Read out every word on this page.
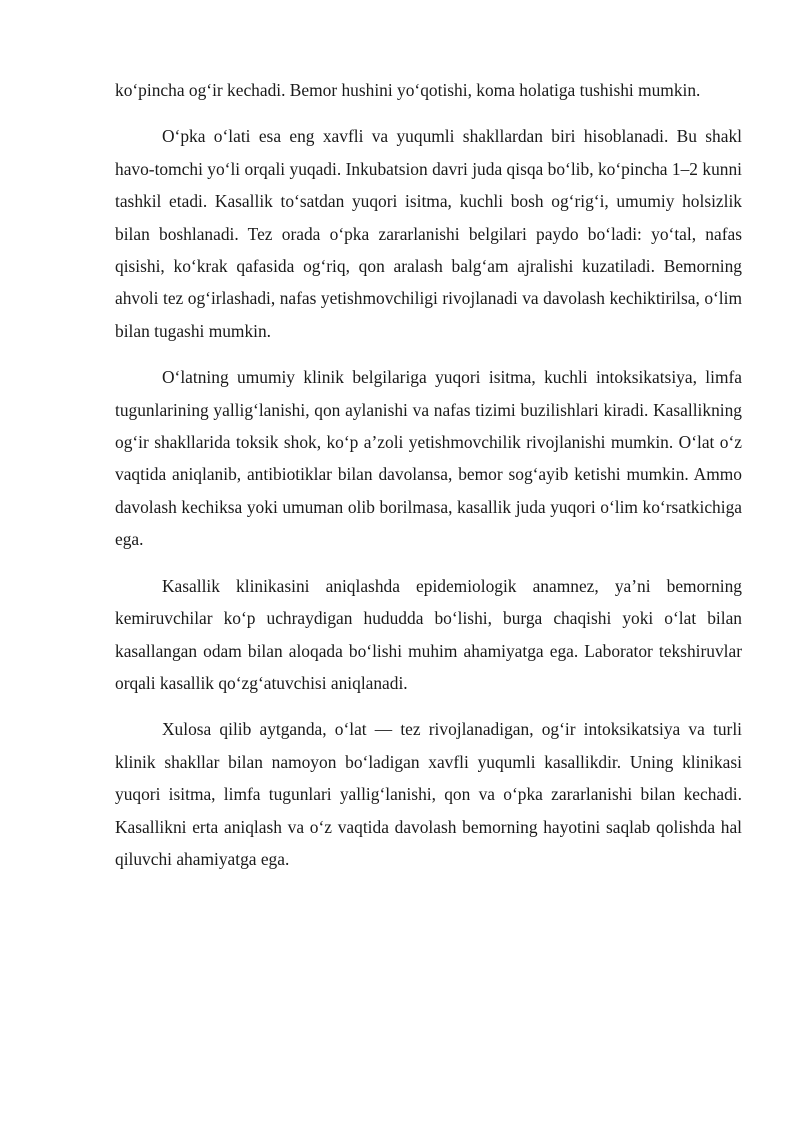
ko‘pincha og‘ir kechadi. Bemor hushini yo‘qotishi, koma holatiga tushishi mumkin.

O‘pka o‘lati esa eng xavfli va yuqumli shakllardan biri hisoblanadi. Bu shakl havo-tomchi yo‘li orqali yuqadi. Inkubatsion davri juda qisqa bo‘lib, ko‘pincha 1–2 kunni tashkil etadi. Kasallik to‘satdan yuqori isitma, kuchli bosh og‘rig‘i, umumiy holsizlik bilan boshlanadi. Tez orada o‘pka zararlanishi belgilari paydo bo‘ladi: yo‘tal, nafas qisishi, ko‘krak qafasida og‘riq, qon aralash balg‘am ajralishi kuzatiladi. Bemorning ahvoli tez og‘irlashadi, nafas yetishmovchiligi rivojlanadi va davolash kechiktirilsa, o‘lim bilan tugashi mumkin.

O‘latning umumiy klinik belgilariga yuqori isitma, kuchli intoksikatsiya, limfa tugunlarining yallig‘lanishi, qon aylanishi va nafas tizimi buzilishlari kiradi. Kasallikning og‘ir shakllarida toksik shok, ko‘p a’zoli yetishmovchilik rivojlanishi mumkin. O‘lat o‘z vaqtida aniqlanib, antibiotiklar bilan davolansa, bemor sog‘ayib ketishi mumkin. Ammo davolash kechiksa yoki umuman olib borilmasa, kasallik juda yuqori o‘lim ko‘rsatkichiga ega.

Kasallik klinikasini aniqlashda epidemiologik anamnez, ya’ni bemorning kemiruvchilar ko‘p uchraydigan hududda bo‘lishi, burga chaqishi yoki o‘lat bilan kasallangan odam bilan aloqada bo‘lishi muhim ahamiyatga ega. Laborator tekshiruvlar orqali kasallik qo‘zg‘atuvchisi aniqlanadi.

Xulosa qilib aytganda, o‘lat — tez rivojlanadigan, og‘ir intoksikatsiya va turli klinik shakllar bilan namoyon bo‘ladigan xavfli yuqumli kasallikdir. Uning klinikasi yuqori isitma, limfa tugunlari yallig‘lanishi, qon va o‘pka zararlanishi bilan kechadi. Kasallikni erta aniqlash va o‘z vaqtida davolash bemorning hayotini saqlab qolishda hal qiluvchi ahamiyatga ega.
